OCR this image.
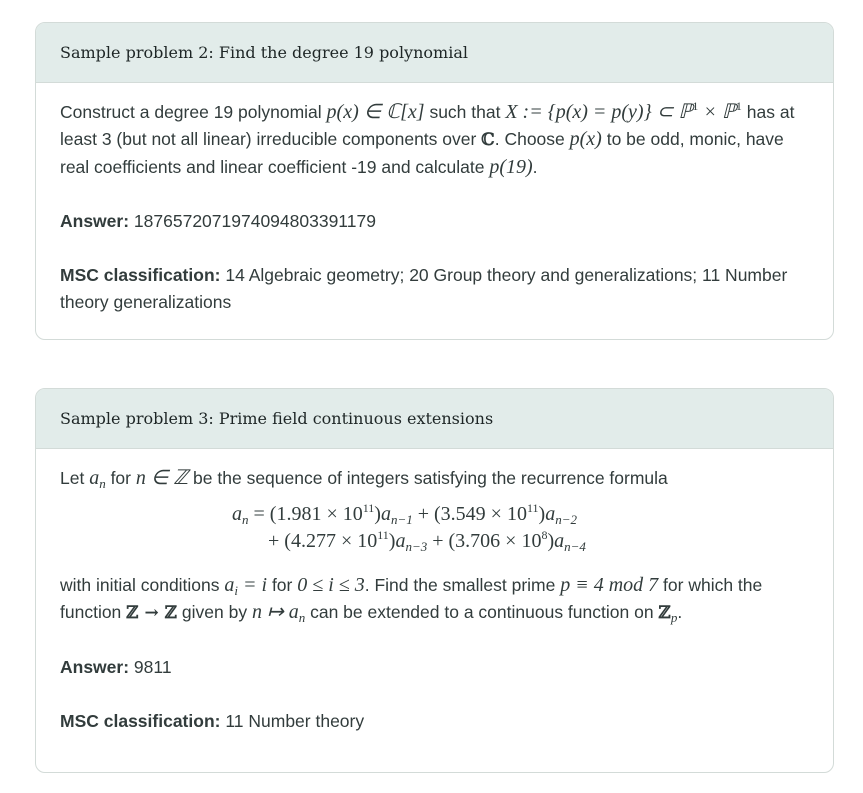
Sample problem 2: Find the degree 19 polynomial

Construct a degree 19 polynomial p(x) ∈ ℂ[x] such that X := {p(x) = p(y)} ⊂ ℙ$^1$ × ℙ$^1$ has at least 3 (but not all linear) irreducible components over ℂ. Choose p(x) to be odd, monic, have real coefficients and linear coefficient -19 and calculate p(19).

Answer: 1876572071974094803391179

MSC classification: 14 Algebraic geometry; 20 Group theory and generalizations; 11 Number theory generalizations

Sample problem 3: Prime field continuous extensions

Let $a_n$ for n ∈ ℤ be the sequence of integers satisfying the recurrence formula

$a_n = (1.981 \times 10^{11})a_{n-1} + (3.549 \times 10^{11})a_{n-2}$
+ $(4.277 \times 10^{11})a_{n-3} + (3.706 \times 10^8)a_{n-4}$

with initial conditions $a_i = i$ for 0 ≤ i ≤ 3. Find the smallest prime p ≡ 4 mod 7 for which the function ℤ → ℤ given by n ↦ $a_n$ can be extended to a continuous function on ℤ$_p$.

Answer: 9811

MSC classification: 11 Number theory
